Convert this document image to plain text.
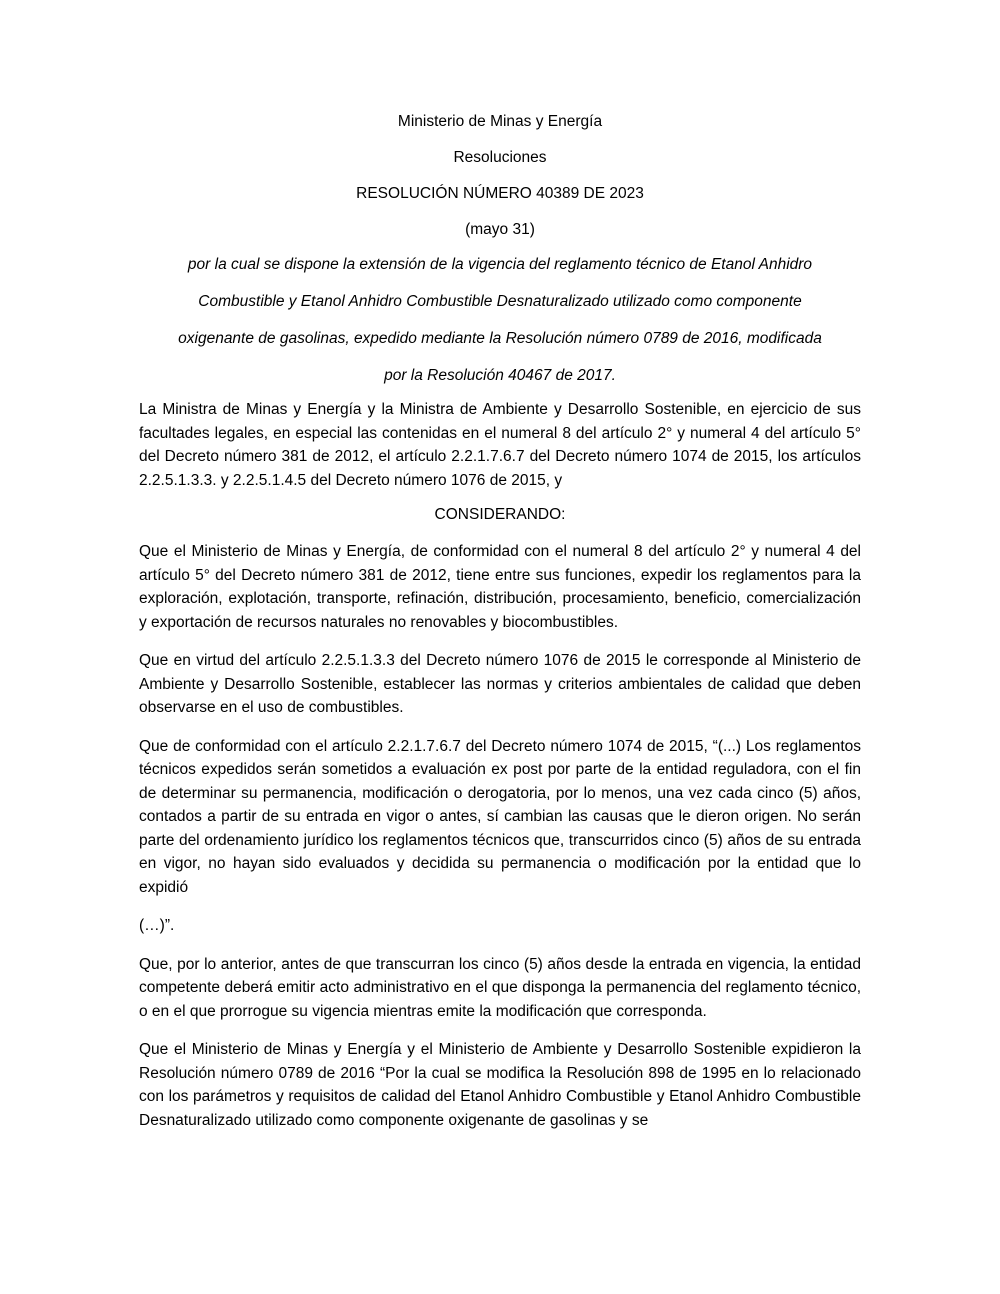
Ministerio de Minas y Energía

Resoluciones

RESOLUCIÓN NÚMERO 40389 DE 2023

(mayo 31)

por la cual se dispone la extensión de la vigencia del reglamento técnico de Etanol Anhidro

Combustible y Etanol Anhidro Combustible Desnaturalizado utilizado como componente

oxigenante de gasolinas, expedido mediante la Resolución número 0789 de 2016, modificada

por la Resolución 40467 de 2017.

La Ministra de Minas y Energía y la Ministra de Ambiente y Desarrollo Sostenible, en ejercicio de sus facultades legales, en especial las contenidas en el numeral 8 del artículo 2° y numeral 4 del artículo 5° del Decreto número 381 de 2012, el artículo 2.2.1.7.6.7 del Decreto número 1074 de 2015, los artículos 2.2.5.1.3.3. y 2.2.5.1.4.5 del Decreto número 1076 de 2015, y

CONSIDERANDO:

Que el Ministerio de Minas y Energía, de conformidad con el numeral 8 del artículo 2° y numeral 4 del artículo 5° del Decreto número 381 de 2012, tiene entre sus funciones, expedir los reglamentos para la exploración, explotación, transporte, refinación, distribución, procesamiento, beneficio, comercialización y exportación de recursos naturales no renovables y biocombustibles.

Que en virtud del artículo 2.2.5.1.3.3 del Decreto número 1076 de 2015 le corresponde al Ministerio de Ambiente y Desarrollo Sostenible, establecer las normas y criterios ambientales de calidad que deben observarse en el uso de combustibles.

Que de conformidad con el artículo 2.2.1.7.6.7 del Decreto número 1074 de 2015, “(...) Los reglamentos técnicos expedidos serán sometidos a evaluación ex post por parte de la entidad reguladora, con el fin de determinar su permanencia, modificación o derogatoria, por lo menos, una vez cada cinco (5) años, contados a partir de su entrada en vigor o antes, sí cambian las causas que le dieron origen. No serán parte del ordenamiento jurídico los reglamentos técnicos que, transcurridos cinco (5) años de su entrada en vigor, no hayan sido evaluados y decidida su permanencia o modificación por la entidad que lo expidió

(…)”.

Que, por lo anterior, antes de que transcurran los cinco (5) años desde la entrada en vigencia, la entidad competente deberá emitir acto administrativo en el que disponga la permanencia del reglamento técnico, o en el que prorrogue su vigencia mientras emite la modificación que corresponda.

Que el Ministerio de Minas y Energía y el Ministerio de Ambiente y Desarrollo Sostenible expidieron la Resolución número 0789 de 2016 “Por la cual se modifica la Resolución 898 de 1995 en lo relacionado con los parámetros y requisitos de calidad del Etanol Anhidro Combustible y Etanol Anhidro Combustible Desnaturalizado utilizado como componente oxigenante de gasolinas y se
